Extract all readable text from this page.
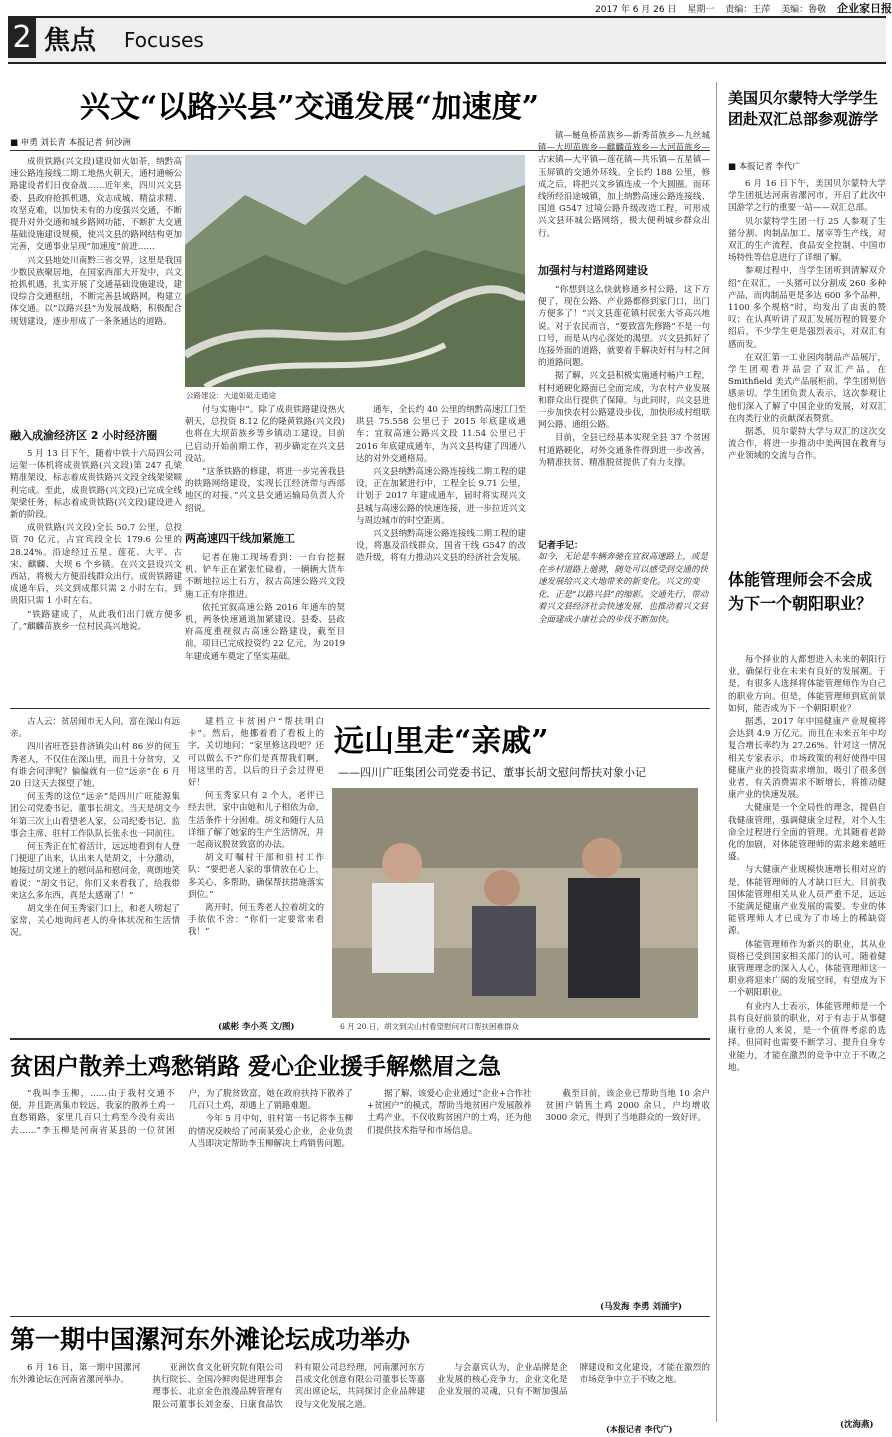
2017 年 6 月 26 日 星期一 责编：王萍 美编：鲁敬 企业家日报
2 焦点 Focuses
兴文“以路兴县”交通发展“加速度”
■ 申勇 刘长青 本报记者 何沙洲

成贵铁路(兴文段)建设如火如荼，纳黔高速公路连接线二期工地热火朝天，通村通畅公路建设者们日夜奋战……近年来，四川兴文县委、县政府抢抓机遇，众志成城、精益求精、攻坚克难，以加快未有的力度强兴交通，不断提升对外交通和城乡路网功能，不断扩大交通基础设施建设规模，使兴文县的路网结构更加完善，交通事业呈现“加速度”前进……

兴文县地处川南黔三省交界，这里是我国少数民族聚居地，在国家西部大开发中，兴文抢抓机遇，扎实开展了交通基础设施建设，建设综合交通枢纽，不断完善县域路网，构建立体交通。以“以路兴县”为发展战略，积极配合规划建设，逐步形成了一条条通达的道路。

融入成渝经济区 2 小时经济圈

5 月 13 日下午，随着中铁十六局四公司运架一体机将成贵铁路(兴文段)第 247 孔梁精准架设，标志着成贵铁路兴文段全线架梁顺利完成。至此，成贵铁路(兴文段)已完成全线架梁任务，标志着成贵铁路(兴文段)建设进入新的阶段。

成贵铁路(兴文段)全长 50.7 公里，总投资 70 亿元，占宜宾段全长 179.6 公里的 28.24%。沿途经过五星、莲花、大平、古宋、麒麟、大坝 6 个乡镇。在兴文县设兴文西站，将极大方便沿线群众出行。成贵铁路建成通车后，兴文到成都只需 2 小时左右，到贵阳只需 1 小时左右。

“铁路建成了，从此我们出门就方便多了。”麒麟苗族乡一位村民高兴地说。

公路建设：大道如砥走通途

付与实施中”。除了成贵铁路建设热火朝天，总投资 8.12 亿的隆黄铁路(兴文段)也将在大坝苗族乡等乡镇动工建设。目前已启动开始前期工作，初步确定在兴文县设站。

“这条铁路的修建，将进一步完善我县的铁路网络建设，实现长江经济带与西部地区的对接。”兴文县交通运输局负责人介绍说。

两高速四干线加紧施工

记者在施工现场看到：一台台挖掘机、铲车正在紧张忙碌着，一辆辆大货车不断地拉运土石方，叙古高速公路兴文段施工正有序推进。

依托宜叙高速公路 2016 年通车的契机，两条快速通道加紧建设。县委、县政府高度重视叙古高速公路建设，截至目前，项目已完成投资约 22 亿元，为 2019 年建成通车奠定了坚实基础。

通车，全长约 40 公里的纳黔高速江门至珙县 75.558 公里已于 2015 年底建成通车；宜叙高速公路兴文段 11.54 公里已于 2016 年底建成通车，为兴文县构建了四通八达的对外交通格局。

兴文县纳黔高速公路连接线二期工程的建设，正在加紧进行中，工程全长 9.71 公里，计划于 2017 年建成通车，届时将实现兴文县城与高速公路的快速连接，进一步拉近兴文与周边城市的时空距离。

兴文县纳黔高速公路连接线二期工程的建设，将惠及沿线群众，国省干线 G547 的改造升级，将有力推动兴文县的经济社会发展。

镇—鲢鱼桥苗族乡—新秀苗族乡—九丝城镇—大坝苗族乡—麒麟苗族乡—大河苗族乡—古宋镇—大平镇—莲花镇—共乐镇—五星镇—玉屏镇的交通外环线。全长约 188 公里，修成之后，将把兴文乡镇连成一个大圆圈。而环线所经沿途城镇，加上纳黔高速公路连接线、国道 G547 过境公路升级改造工程，可形成兴文县环城公路网络，极大便利城乡群众出行。

加强村与村道路网建设

“你想到这么快就修通乡村公路，这下方便了，现在公路、产业路都修到家门口，出门方便多了！”兴文县莲花镇村民张大爷高兴地说。对于农民而言，“要致富先修路”不是一句口号，而是从内心深处的渴望。兴文县抓好了连接外面的道路，就要着手解决好村与村之间的道路问题。

据了解，兴文县积极实施通村畅户工程，村村通硬化路面已全面完成，为农村产业发展和群众出行提供了保障。与此同时，兴文县进一步加快农村公路建设步伐，加快形成村组联网公路、通组公路。

目前，全县已经基本实现全县 37 个贫困村道路硬化，对外交通条件得到进一步改善，为精准扶贫、精准脱贫提供了有力支撑。

记者手记：
如今，无论是车辆奔驰在宜叙高速路上，或是在乡村道路上驰骋，随处可以感受到交通的快速发展给兴文大地带来的新变化。兴文的变化，正是“以路兴县”的缩影。交通先行，带动着兴文县经济社会快速发展，也推动着兴文县全面建成小康社会的步伐不断加快。
美国贝尔蒙特大学学生团赴双汇总部参观游学
■ 本报记者 李代广

6 月 16 日下午，美国贝尔蒙特大学学生团抵达河南省漯河市，开启了此次中国游学之行的重要一站——双汇总部。

贝尔蒙特学生团一行 25 人参观了生猪分割、肉制品加工、屠宰等生产线，对双汇的生产流程、食品安全控制、中国市场特性等信息进行了详细了解。

参观过程中，当学生团听到清解双介绍“在双汇，一头猪可以分割成 260 多种产品，而肉制品更是多达 600 多个品种，1100 多个规格”时，均发出了由衷的赞叹；在认真听讲了双汇发展历程的简要介绍后，不少学生更是强烈表示，对双汇有感而发。

在双汇第一工业园肉制品产品展厅，学生团观看并品尝了双汇产品，在 Smithfield 美式产品展柜前，学生团则倍感亲切。学生团负责人表示，这次参观让他们深入了解了中国企业的发展，对双汇在肉类行业的贡献深表赞赏。

据悉，贝尔蒙特大学与双汇的这次交流合作，将进一步推动中美两国在教育与产业领域的交流与合作。

体能管理师会不会成为下一个朝阳职业？

每个择业的人都想进入未来的朝阳行业，确保行业在未来有良好的发展潮。于是，有很多人选择将体能管理师作为自己的职业方向。但是，体能管理师到底前景如何，能否成为下一个朝阳职业？

据悉，2017 年中国健康产业规模将会达到 4.9 万亿元。而且在未来五年中均复合增长率约为 27.26%。针对这一情况相关专家表示，市场政策的利好使得中国健康产业的投资需求增加，吸引了很多创业者，有关消费需求不断增长，将推动健康产业的快速发展。

大健康是一个全局性的理念，提倡自我健康管理，强调健康全过程，对个人生命全过程进行全面的管理。尤其随着老龄化的加剧，对体能管理师的需求越来越旺盛。

与大健康产业规模快速增长相对应的是，体能管理师的人才缺口巨大。目前我国体能管理相关从业人员严重不足，远远不能满足健康产业发展的需要。专业的体能管理师人才已成为了市场上的稀缺资源。

体能管理师作为新兴的职业，其从业资格已受到国家相关部门的认可。随着健康管理理念的深入人心，体能管理师这一职业将迎来广阔的发展空间，有望成为下一个朝阳职业。

有业内人士表示，体能管理师是一个具有良好前景的职业，对于有志于从事健康行业的人来说，是一个值得考虑的选择。但同时也需要不断学习、提升自身专业能力，才能在激烈的竞争中立于不败之地。

(沈海燕)

古人云：贫居闹市无人问，富在深山有远亲。

四川省旺苍县普济镇尖山村 86 岁的何玉秀老人，不仅住在深山里，而且十分贫穷，又有谁会问津呢？偏偏就有一位“远亲”在 6 月 20 日这天去探望了她。

何玉秀的这位“远亲”是四川广旺能源集团公司党委书记、董事长胡文。当天是胡文今年第三次上山看望老人家，公司纪委书记、监事会主席、驻村工作队队长张永也一同前往。

何玉秀正在忙着活计，远远地看到有人登门便迎了出来，认出来人是胡文，十分激动，她接过胡文递上的慰问品和慰问金，爽朗地笑着说：“胡文书记，你们又来看我了，给我带来这么多东西，真是太感谢了！”

胡文坐在何玉秀家门口上，和老人唠起了家常，关心地询问老人的身体状况和生活情况。

建档立卡贫困户“帮扶明白卡”。然后，他挪着看了看板上的字，关切地问：“家里修这段吧？还可以做么不?”你们是真帮我们啊，用这里的苦，以后的日子会过得更好！

何玉秀家只有 2 个人，老伴已经去世，家中由她和儿子相依为命，生活条件十分困难。胡文和随行人员详细了解了她家的生产生活情况，并一起商议脱贫致富的办法。

胡文叮嘱村干部和驻村工作队：“要把老人家的事情放在心上，多关心、多帮助，确保帮扶措施落实到位。”

离开时，何玉秀老人拉着胡文的手依依不舍：“你们一定要常来看我！”

(戚彬 李小英 文/图)
远山里走“亲戚”
——四川广旺集团公司党委书记、董事长胡文慰问帮扶对象小记
6 月 20 日，胡文到尖山村看望慰问对口帮扶困难群众
贫困户散养土鸡愁销路 爱心企业援手解燃眉之急

“我叫李玉柳，……由于我村交通不便，并且距离集市较远，我家的散养土鸡一直愁销路，家里几百只土鸡至今没有卖出去……”李玉柳是河南省某县的一位贫困户，为了脱贫致富，她在政府扶持下散养了几百只土鸡，却遇上了销路难题。

今年 5 月中旬，驻村第一书记将李玉柳的情况反映给了河南某爱心企业，企业负责人当即决定帮助李玉柳解决土鸡销售问题。

据了解，该爱心企业通过“企业+合作社+贫困户”的模式，帮助当地贫困户发展散养土鸡产业，不仅收购贫困户的土鸡，还为他们提供技术指导和市场信息。

截至目前，该企业已帮助当地 10 余户贫困户销售土鸡 2000 余只，户均增收 3000 余元，得到了当地群众的一致好评。

(马发海 李勇 刘涌宇)
第一期中国漯河东外滩论坛成功举办

6 月 16 日，第一期中国漯河东外滩论坛在河南省漯河举办。

亚洲饮食文化研究院有限公司执行院长、全国冷鲜肉促进理事会理事长、北京金色浪漫品牌管理有限公司董事长刘金泰，日康食品饮料有限公司总经理，河南漯河东方昌成文化创意有限公司董事长等嘉宾出席论坛，共同探讨企业品牌建设与文化发展之道。

与会嘉宾认为，企业品牌是企业发展的核心竞争力，企业文化是企业发展的灵魂，只有不断加强品牌建设和文化建设，才能在激烈的市场竞争中立于不败之地。

(本报记者 李代广)
